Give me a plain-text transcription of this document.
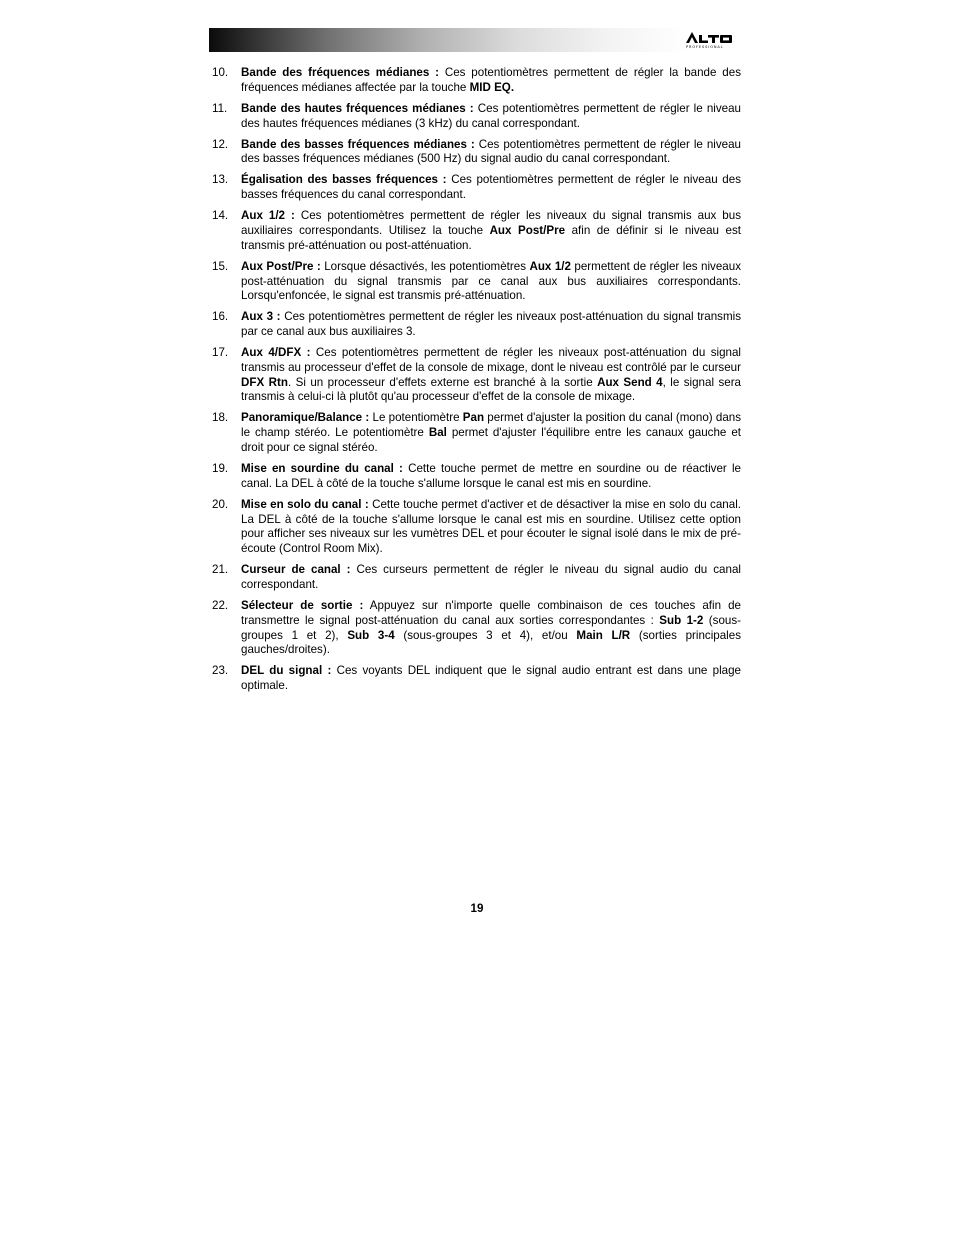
PROFESSIONAL
10. Bande des fréquences médianes : Ces potentiomètres permettent de régler la bande des fréquences médianes affectée par la touche MID EQ.
11. Bande des hautes fréquences médianes : Ces potentiomètres permettent de régler le niveau des hautes fréquences médianes (3 kHz) du canal correspondant.
12. Bande des basses fréquences médianes : Ces potentiomètres permettent de régler le niveau des basses fréquences médianes (500 Hz) du signal audio du canal correspondant.
13. Égalisation des basses fréquences : Ces potentiomètres permettent de régler le niveau des basses fréquences du canal correspondant.
14. Aux 1/2 : Ces potentiomètres permettent de régler les niveaux du signal transmis aux bus auxiliaires correspondants. Utilisez la touche Aux Post/Pre afin de définir si le niveau est transmis pré-atténuation ou post-atténuation.
15. Aux Post/Pre : Lorsque désactivés, les potentiomètres Aux 1/2 permettent de régler les niveaux post-atténuation du signal transmis par ce canal aux bus auxiliaires correspondants. Lorsqu'enfoncée, le signal est transmis pré-atténuation.
16. Aux 3 : Ces potentiomètres permettent de régler les niveaux post-atténuation du signal transmis par ce canal aux bus auxiliaires 3.
17. Aux 4/DFX : Ces potentiomètres permettent de régler les niveaux post-atténuation du signal transmis au processeur d'effet de la console de mixage, dont le niveau est contrôlé par le curseur DFX Rtn. Si un processeur d'effets externe est branché à la sortie Aux Send 4, le signal sera transmis à celui-ci là plutôt qu'au processeur d'effet de la console de mixage.
18. Panoramique/Balance : Le potentiomètre Pan permet d'ajuster la position du canal (mono) dans le champ stéréo. Le potentiomètre Bal permet d'ajuster l'équilibre entre les canaux gauche et droit pour ce signal stéréo.
19. Mise en sourdine du canal : Cette touche permet de mettre en sourdine ou de réactiver le canal. La DEL à côté de la touche s'allume lorsque le canal est mis en sourdine.
20. Mise en solo du canal : Cette touche permet d'activer et de désactiver la mise en solo du canal. La DEL à côté de la touche s'allume lorsque le canal est mis en sourdine. Utilisez cette option pour afficher ses niveaux sur les vumètres DEL et pour écouter le signal isolé dans le mix de pré-écoute (Control Room Mix).
21. Curseur de canal : Ces curseurs permettent de régler le niveau du signal audio du canal correspondant.
22. Sélecteur de sortie : Appuyez sur n'importe quelle combinaison de ces touches afin de transmettre le signal post-atténuation du canal aux sorties correspondantes : Sub 1-2 (sous-groupes 1 et 2), Sub 3-4 (sous-groupes 3 et 4), et/ou Main L/R (sorties principales gauches/droites).
23. DEL du signal : Ces voyants DEL indiquent que le signal audio entrant est dans une plage optimale.
19
